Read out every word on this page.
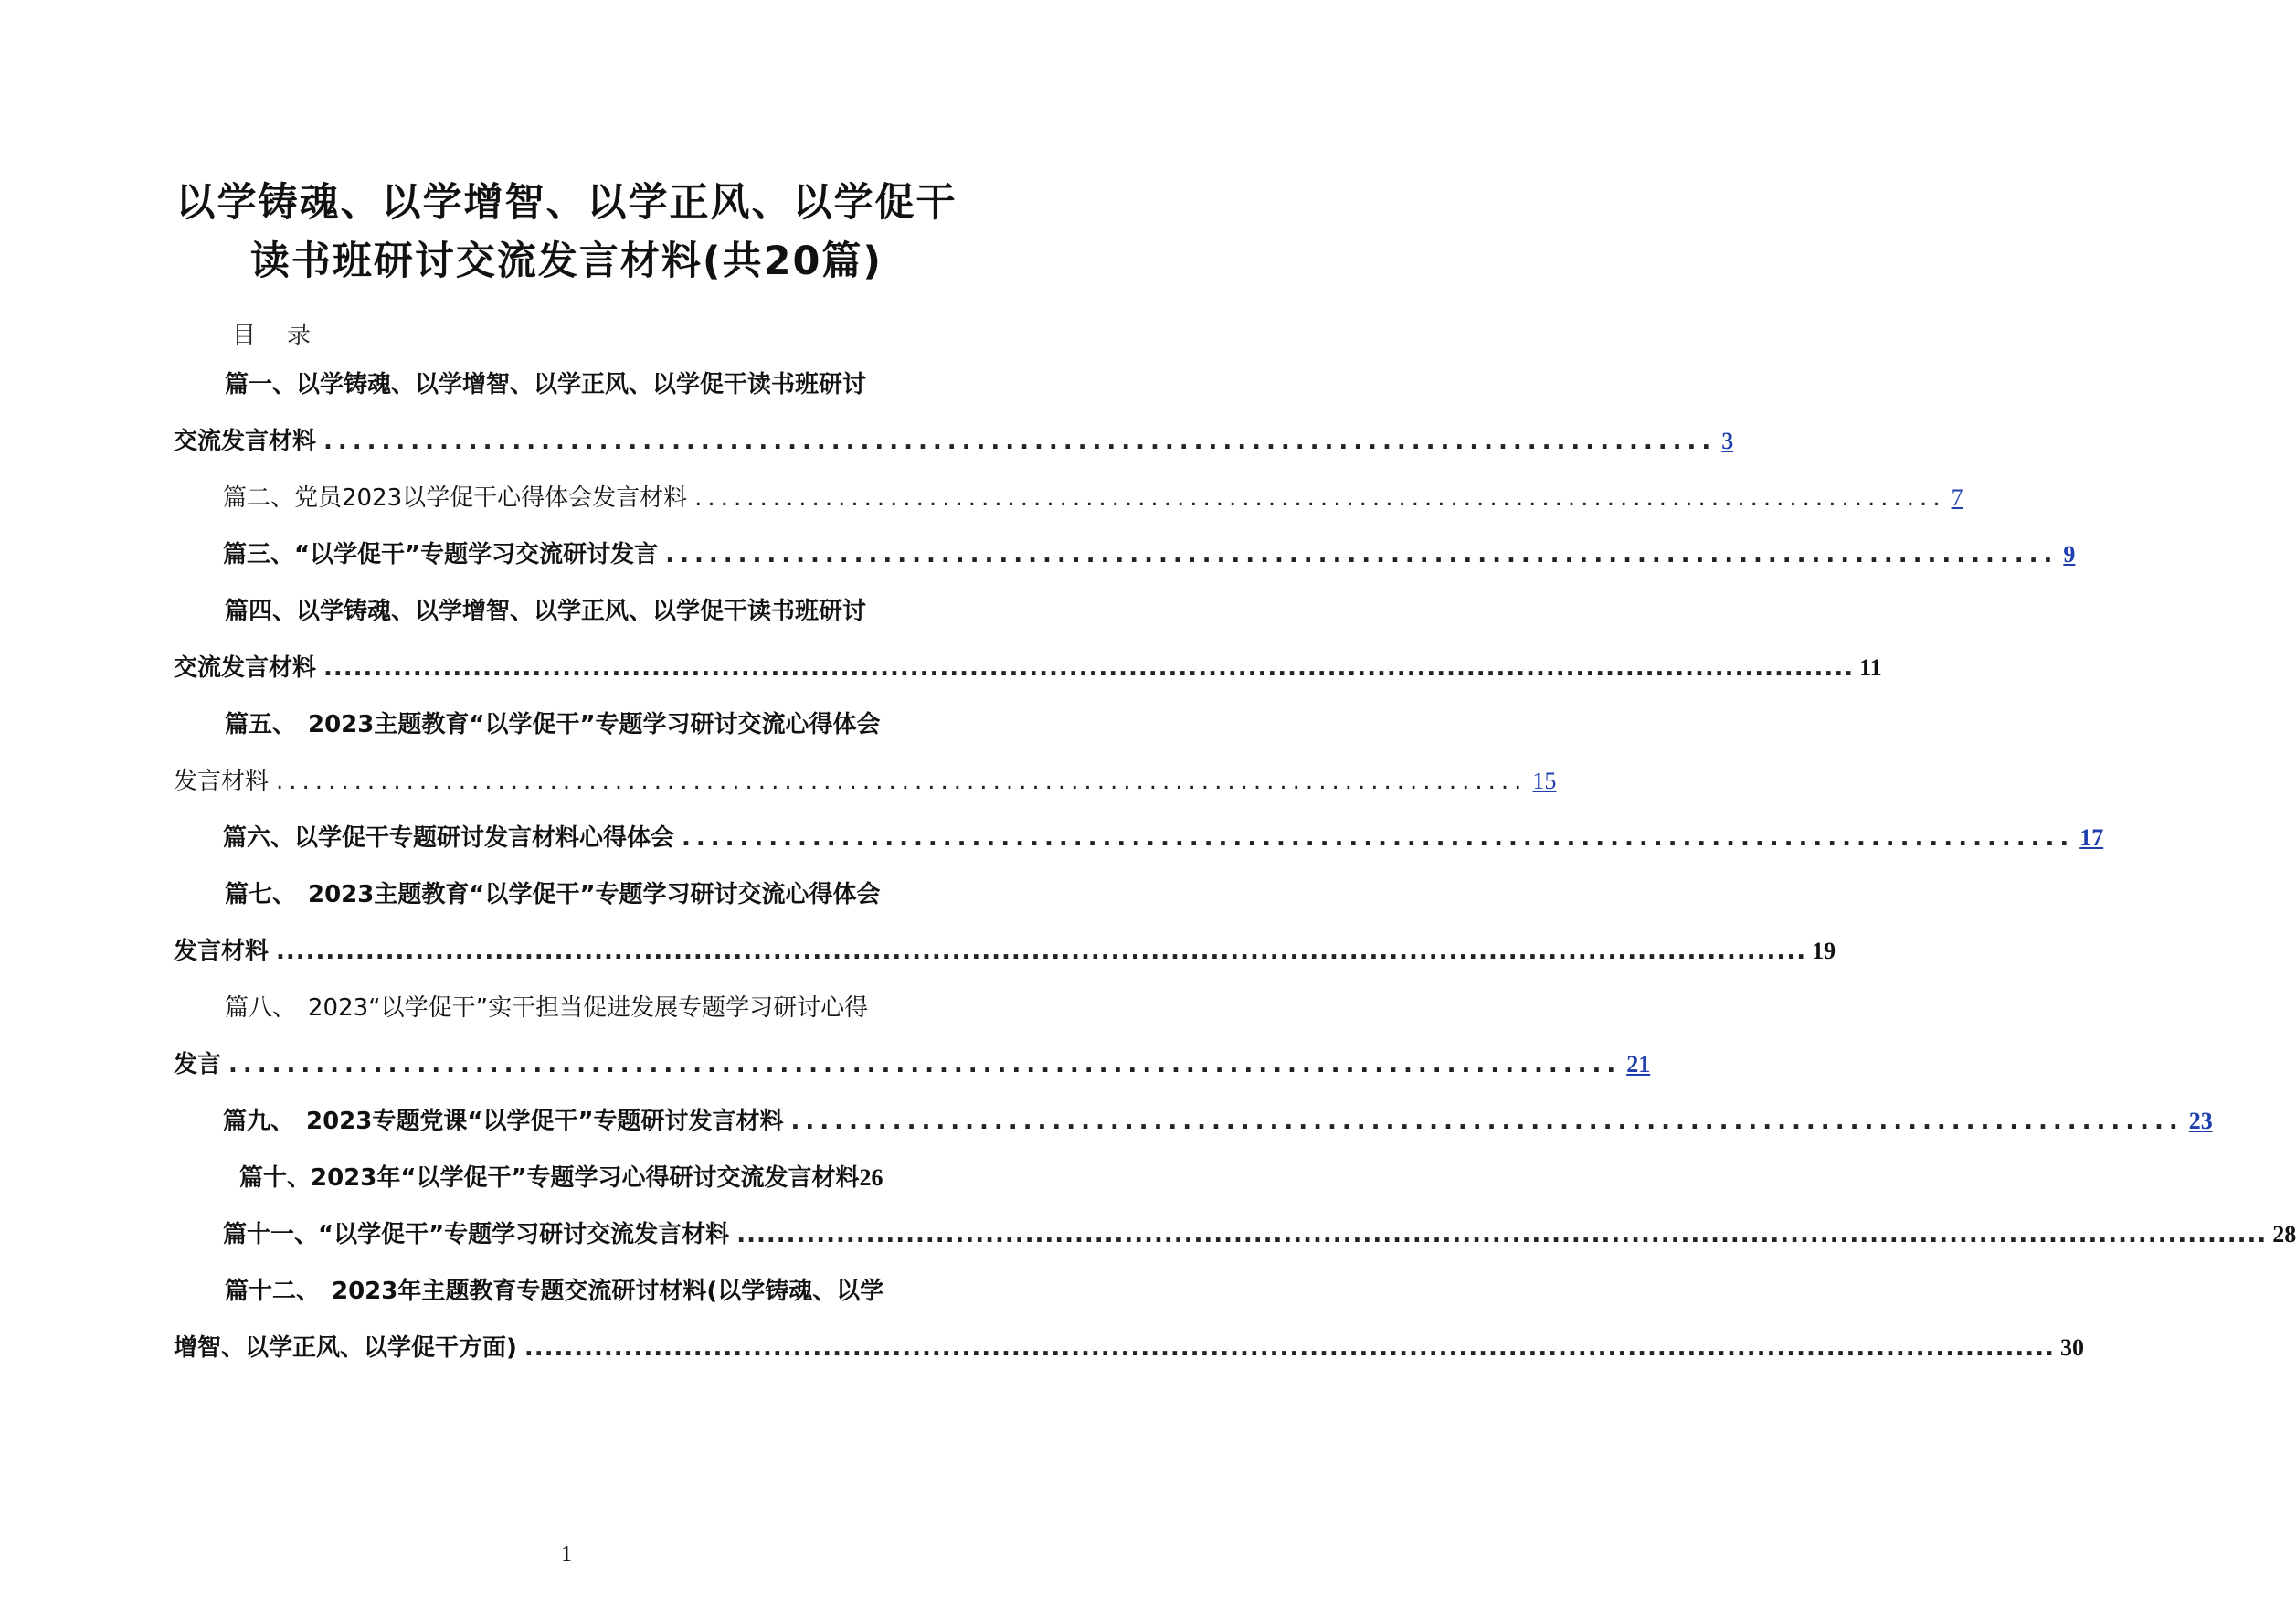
以学铸魂、以学增智、以学正风、以学促干
读书班研讨交流发言材料(共20篇)
目 录
篇一、以学铸魂、以学增智、以学正风、以学促干读书班研讨
交流发言材料 ................................................................................................ 3
篇二、党员2023以学促干心得体会发言材料 ................................................................................................ 7
篇三、“以学促干”专题学习交流研讨发言 ................................................................................................ 9
篇四、以学铸魂、以学增智、以学正风、以学促干读书班研讨
交流发言材料 .......................................................................................................................................................... 11
篇五、　2023主题教育“以学促干”专题学习研讨交流心得体会
发言材料 ................................................................................................ 15
篇六、以学促干专题研讨发言材料心得体会 ................................................................................................ 17
篇七、　2023主题教育“以学促干”专题学习研讨交流心得体会
发言材料 .......................................................................................................................................................... 19
篇八、　2023“以学促干”实干担当促进发展专题学习研讨心得
发言 ................................................................................................ 21
篇九、　2023专题党课“以学促干”专题研讨发言材料 ................................................................................................ 23
篇十、2023年“以学促干”专题学习心得研讨交流发言材料26
篇十一、“以学促干”专题学习研讨交流发言材料 .......................................................................................................................................................... 28
篇十二、　2023年主题教育专题交流研讨材料(以学铸魂、以学
增智、以学正风、以学促干方面) .......................................................................................................................................................... 30
1
